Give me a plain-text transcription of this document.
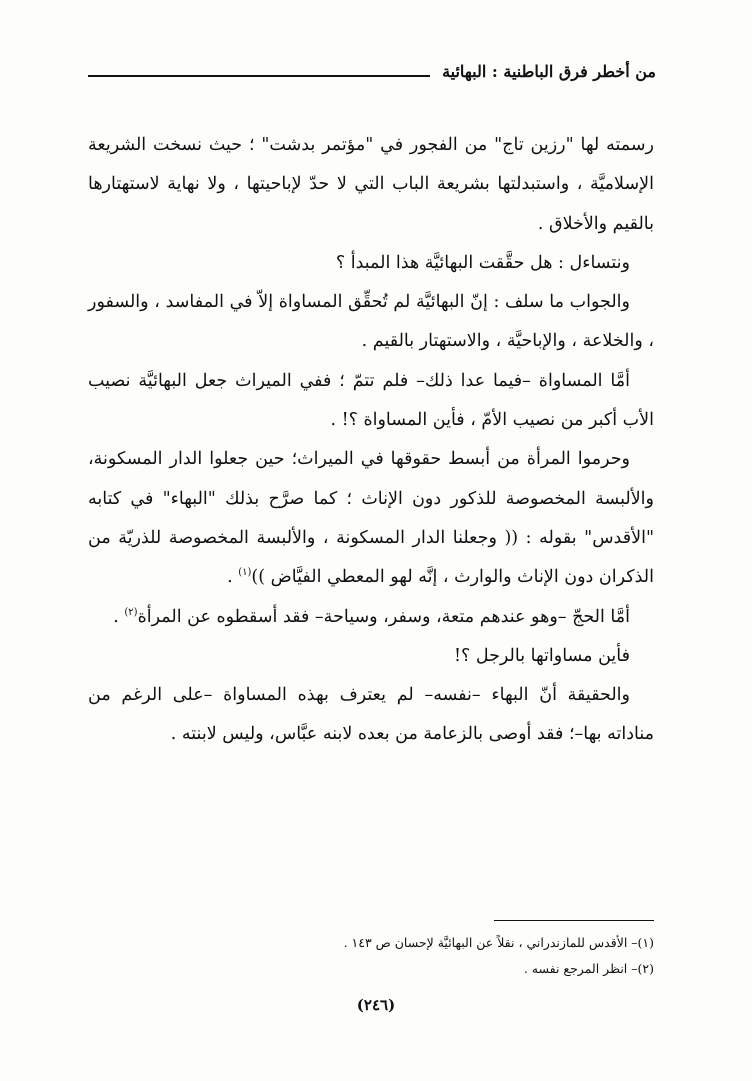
من أخطر فرق الباطنية : البهائية

رسمته لها "رزين تاج" من الفجور في "مؤتمر بدشت" ؛ حيث نسخت الشريعة الإسلاميَّة ، واستبدلتها بشريعة الباب التي لا حدّ لإباحيتها ، ولا نهاية لاستهتارها بالقيم والأخلاق .

ونتساءل : هل حقَّقت البهائيَّة هذا المبدأ ؟

والجواب ما سلف : إنّ البهائيَّة لم تُحقِّق المساواة إلاّ في المفاسد ، والسفور ، والخلاعة ، والإباحيَّة ، والاستهتار بالقيم .

أمَّا المساواة –فيما عدا ذلك– فلم تتمّ ؛ ففي الميراث جعل البهائيَّة نصيب الأب أكبر من نصيب الأمّ ، فأين المساواة ؟! .

وحرموا المرأة من أبسط حقوقها في الميراث؛ حين جعلوا الدار المسكونة، والألبسة المخصوصة للذكور دون الإناث ؛ كما صرَّح بذلك "البهاء" في كتابه "الأقدس" بقوله : (( وجعلنا الدار المسكونة ، والألبسة المخصوصة للذريّة من الذكران دون الإناث والوارث ، إنَّه لهو المعطي الفيَّاض ))$^{(١)}$ .

أمَّا الحجّ –وهو عندهم متعة، وسفر، وسياحة– فقد أسقطوه عن المرأة$^{(٢)}$ .

فأين مساواتها بالرجل ؟!

والحقيقة أنّ البهاء –نفسه– لم يعترف بهذه المساواة –على الرغم من مناداته بها–؛ فقد أوصى بالزعامة من بعده لابنه عبَّاس، وليس لابنته .

(١)– الأقدس للمازندراني ، نقلاً عن البهائيَّة لإحسان ص ١٤٣ .

(٢)– انظر المرجع نفسه .

(٢٤٦)
